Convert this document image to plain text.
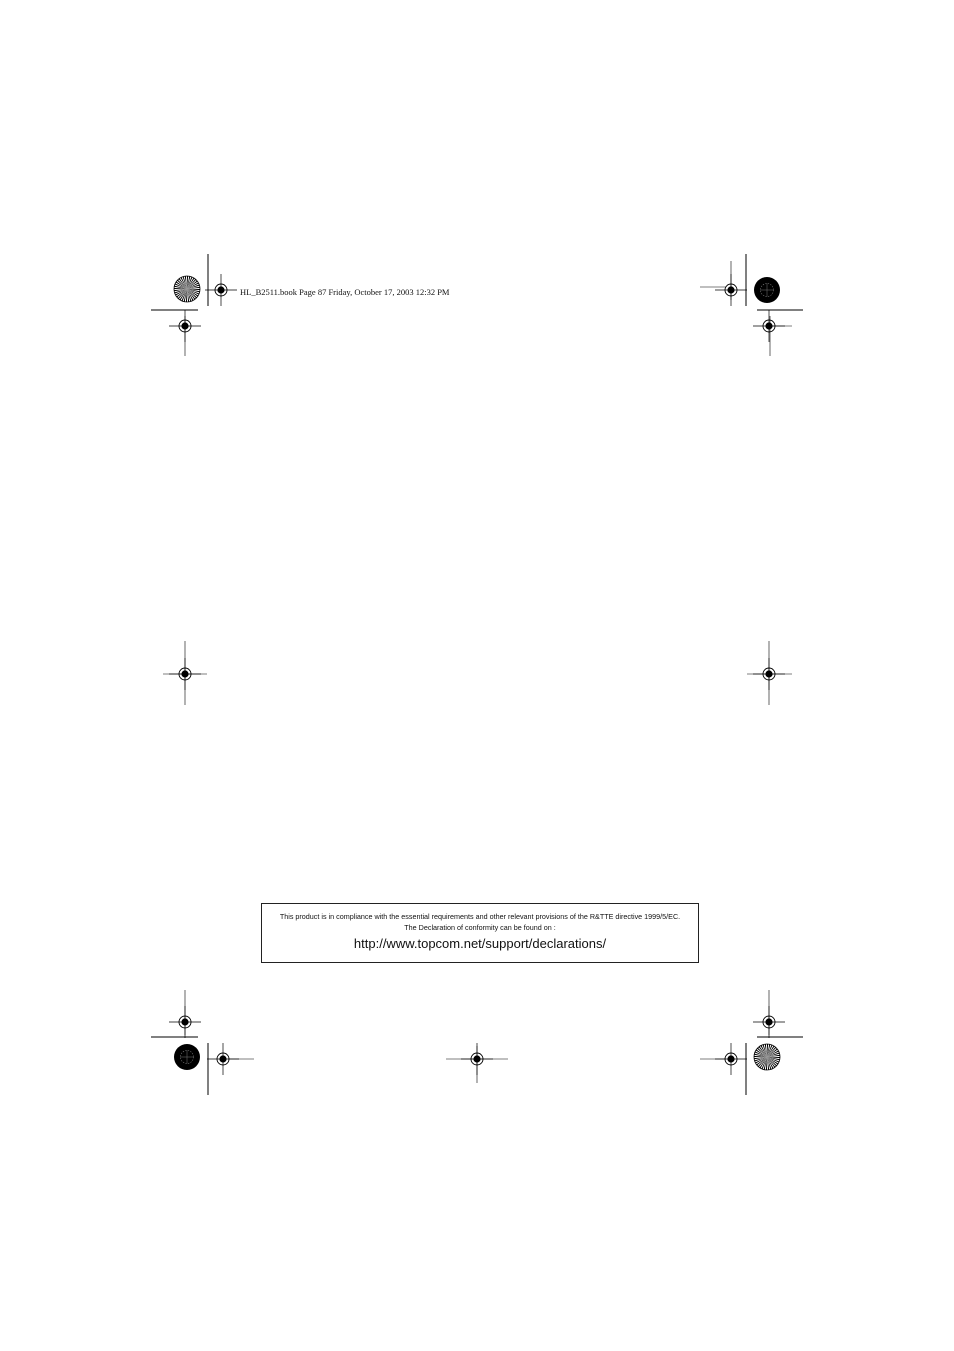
HL_B2511.book Page 87 Friday, October 17, 2003 12:32 PM

This product is in compliance with the essential requirements and other relevant provisions of the R&TTE directive 1999/5/EC.

The Declaration of conformity can be found on :

http://www.topcom.net/support/declarations/
